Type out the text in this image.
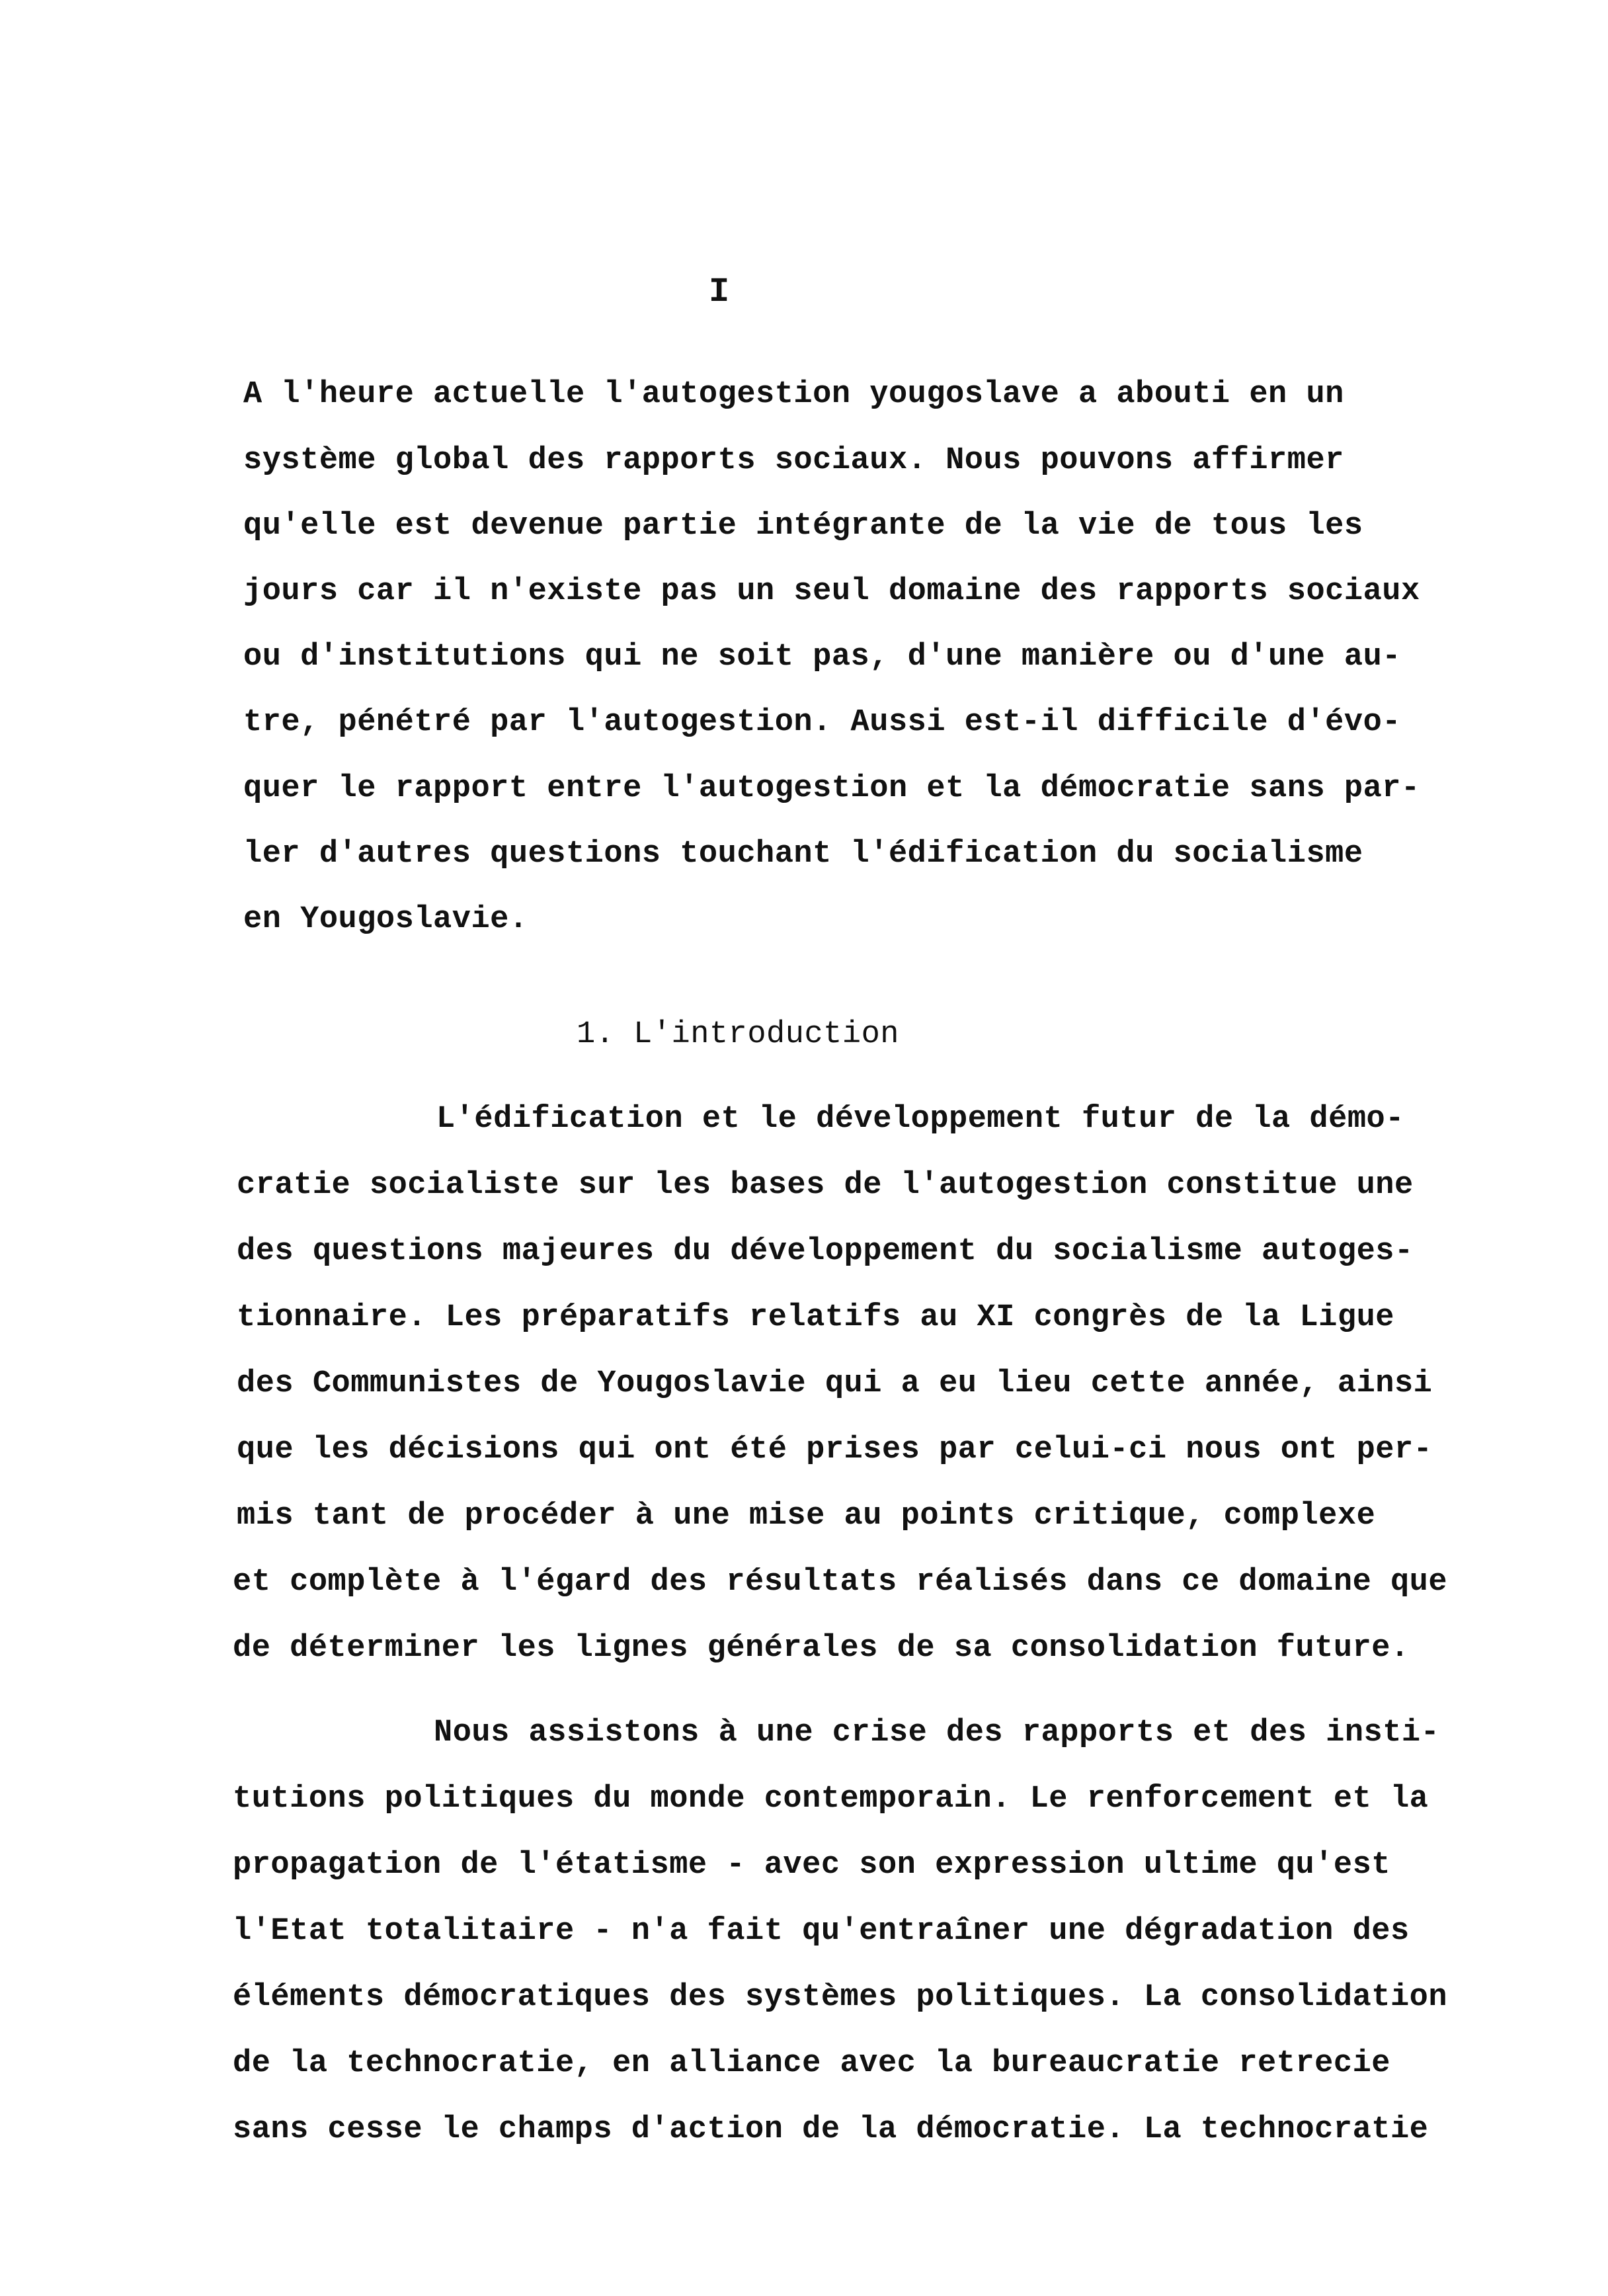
I
A l'heure actuelle l'autogestion yougoslave a abouti en un
système global des rapports sociaux. Nous pouvons affirmer
qu'elle est devenue partie intégrante de la vie de tous les
jours car il n'existe pas un seul domaine des rapports sociaux
ou d'institutions qui ne soit pas, d'une manière ou d'une au-
tre, pénétré par l'autogestion. Aussi est-il difficile d'évo-
quer le rapport entre l'autogestion et la démocratie sans par-
ler d'autres questions touchant l'édification du socialisme
en Yougoslavie.
1. L'introduction
L'édification et le développement futur de la démo-
cratie socialiste sur les bases de l'autogestion constitue une
des questions majeures du développement du socialisme autoges-
tionnaire. Les préparatifs relatifs au XI congrès de la Ligue
des Communistes de Yougoslavie qui a eu lieu cette année, ainsi
que les décisions qui ont été prises par celui-ci nous ont per-
mis tant de procéder à une mise au points critique, complexe
et complète à l'égard des résultats réalisés dans ce domaine que
de déterminer les lignes générales de sa consolidation future.
Nous assistons à une crise des rapports et des insti-
tutions politiques du monde contemporain. Le renforcement et la
propagation de l'étatisme - avec son expression ultime qu'est
l'Etat totalitaire - n'a fait qu'entraîner une dégradation des
éléments démocratiques des systèmes politiques. La consolidation
de la technocratie, en alliance avec la bureaucratie retrecie
sans cesse le champs d'action de la démocratie. La technocratie
